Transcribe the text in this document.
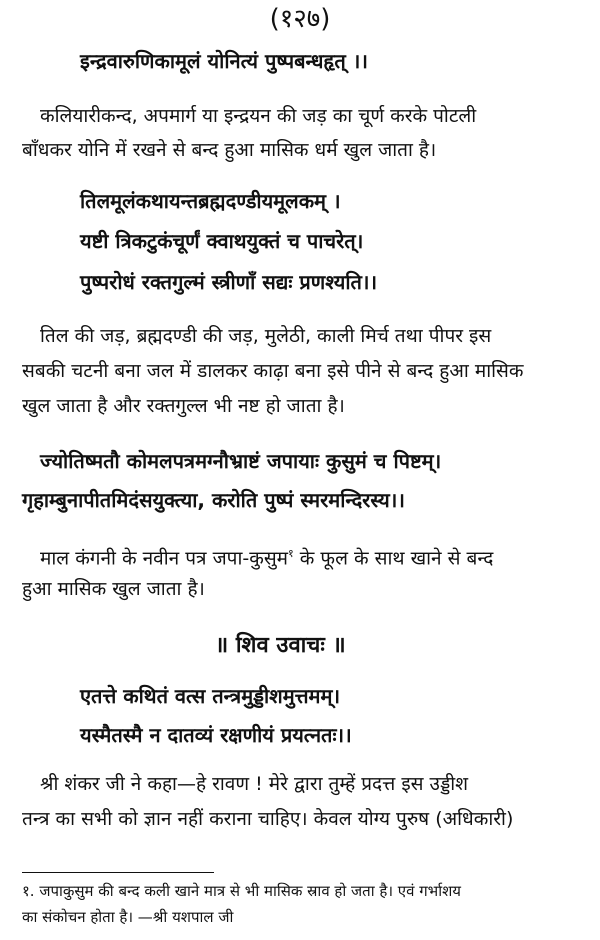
(१२७)

इन्द्रवारुणिकामूलं योनित्यं पुष्पबन्धहृत् ।।

कलियारीकन्द, अपमार्ग या इन्द्रयन की जड़ का चूर्ण करके पोटली

बाँधकर योनि में रखने से बन्द हुआ मासिक धर्म खुल जाता है।

तिलमूलंकथायन्तब्रह्मदण्डीयमूलकम् ।

यष्टी त्रिकटुकंचूर्णं क्वाथयुक्तं च पाचरेत्।

पुष्परोधं रक्तगुल्मं स्त्रीणाँ सद्यः प्रणश्यति।।

तिल की जड़, ब्रह्मदण्डी की जड़, मुलेठी, काली मिर्च तथा पीपर इस

सबकी चटनी बना जल में डालकर काढ़ा बना इसे पीने से बन्द हुआ मासिक

खुल जाता है और रक्तगुल्ल भी नष्ट हो जाता है।

ज्योतिष्मतौ कोमलपत्रमग्नौभ्राष्टं जपायाः कुसुमं च पिष्टम्।

गृहाम्बुनापीतमिदंसयुक्त्या, करोति पुष्पं स्मरमन्दिरस्य।।

माल कंगनी के नवीन पत्र जपा-कुसुम$^१$ के फूल के साथ खाने से बन्द

हुआ मासिक खुल जाता है।

॥ शिव उवाचः ॥

एतत्ते कथितं वत्स तन्त्रमुड्डीशमुत्तमम्।

यस्मैतस्मै न दातव्यं रक्षणीयं प्रयत्नतः।।

श्री शंकर जी ने कहा—हे रावण ! मेरे द्वारा तुम्हें प्रदत्त इस उड्डीश

तन्त्र का सभी को ज्ञान नहीं कराना चाहिए। केवल योग्य पुरुष (अधिकारी)

१. जपाकुसुम की बन्द कली खाने मात्र से भी मासिक स्राव हो जता है। एवं गर्भाशय

का संकोचन होता है। —श्री यशपाल जी
